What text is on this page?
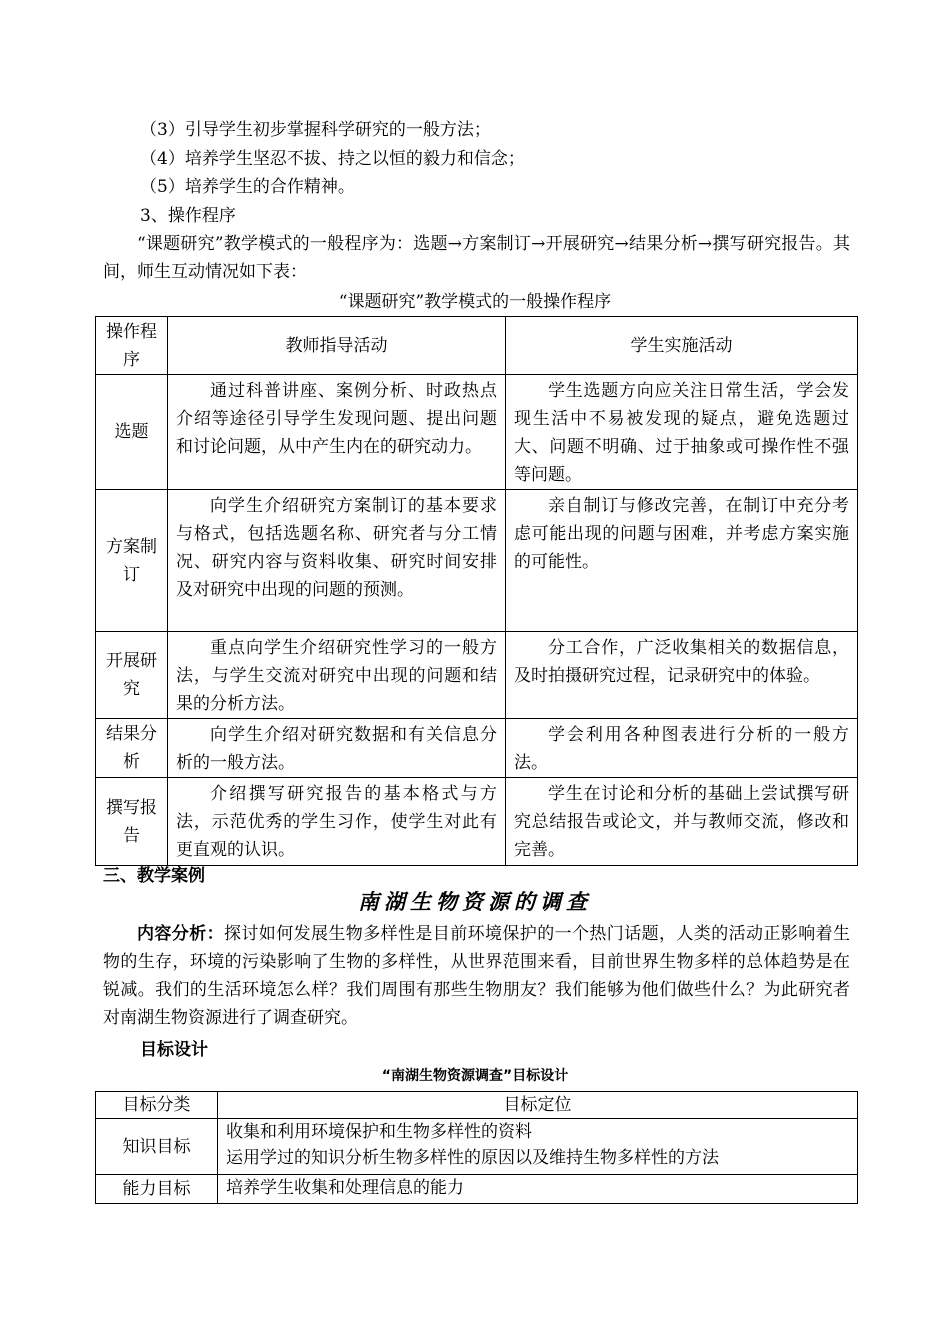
（3）引导学生初步掌握科学研究的一般方法；
（4）培养学生坚忍不拔、持之以恒的毅力和信念；
（5）培养学生的合作精神。
3、操作程序
“课题研究”教学模式的一般程序为：选题→方案制订→开展研究→结果分析→撰写研究报告。其间，师生互动情况如下表：
“课题研究”教学模式的一般操作程序
操作程序	教师指导活动	学生实施活动
选题	通过科普讲座、案例分析、时政热点介绍等途径引导学生发现问题、提出问题和讨论问题，从中产生内在的研究动力。	学生选题方向应关注日常生活，学会发现生活中不易被发现的疑点，避免选题过大、问题不明确、过于抽象或可操作性不强等问题。
方案制订	向学生介绍研究方案制订的基本要求与格式，包括选题名称、研究者与分工情况、研究内容与资料收集、研究时间安排及对研究中出现的问题的预测。	亲自制订与修改完善，在制订中充分考虑可能出现的问题与困难，并考虑方案实施的可能性。
开展研究	重点向学生介绍研究性学习的一般方法，与学生交流对研究中出现的问题和结果的分析方法。	分工合作，广泛收集相关的数据信息，及时拍摄研究过程，记录研究中的体验。
结果分析	向学生介绍对研究数据和有关信息分析的一般方法。	学会利用各种图表进行分析的一般方法。
撰写报告	介绍撰写研究报告的基本格式与方法，示范优秀的学生习作，使学生对此有更直观的认识。	学生在讨论和分析的基础上尝试撰写研究总结报告或论文，并与教师交流，修改和完善。
三、教学案例
南湖生物资源的调查
内容分析：探讨如何发展生物多样性是目前环境保护的一个热门话题，人类的活动正影响着生物的生存，环境的污染影响了生物的多样性，从世界范围来看，目前世界生物多样的总体趋势是在锐减。我们的生活环境怎么样？我们周围有那些生物朋友？我们能够为他们做些什么？为此研究者对南湖生物资源进行了调查研究。
目标设计
“南湖生物资源调查”目标设计
目标分类	目标定位
知识目标	收集和利用环境保护和生物多样性的资料
运用学过的知识分析生物多样性的原因以及维持生物多样性的方法

能力目标	培养学生收集和处理信息的能力
